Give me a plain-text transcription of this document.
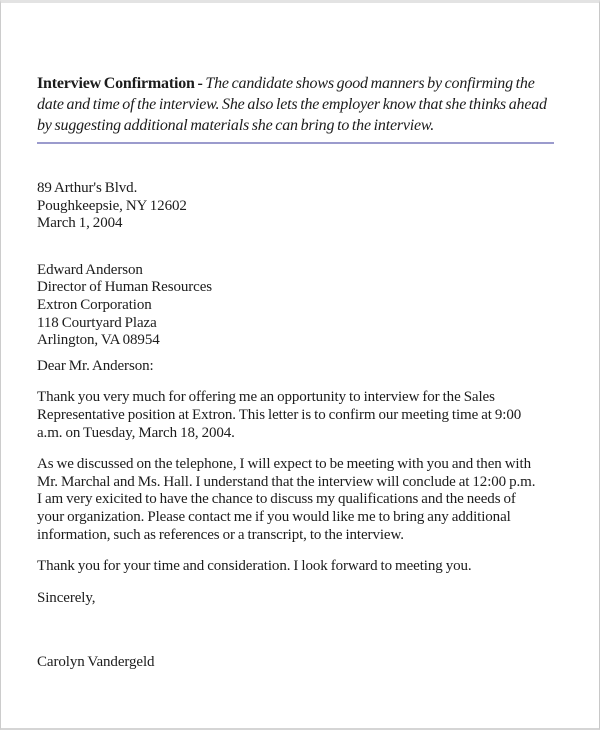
Interview Confirmation - The candidate shows good manners by confirming the date and time of the interview. She also lets the employer know that she thinks ahead by suggesting additional materials she can bring to the interview.

89 Arthur's Blvd.
Poughkeepsie, NY 12602
March 1, 2004
Edward Anderson
Director of Human Resources
Extron Corporation
118 Courtyard Plaza
Arlington, VA 08954

Dear Mr. Anderson:

Thank you very much for offering me an opportunity to interview for the Sales Representative position at Extron. This letter is to confirm our meeting time at 9:00 a.m. on Tuesday, March 18, 2004.

As we discussed on the telephone, I will expect to be meeting with you and then with Mr. Marchal and Ms. Hall. I understand that the interview will conclude at 12:00 p.m. I am very exicited to have the chance to discuss my qualifications and the needs of your organization. Please contact me if you would like me to bring any additional information, such as references or a transcript, to the interview.

Thank you for your time and consideration. I look forward to meeting you.

Sincerely,

Carolyn Vandergeld
